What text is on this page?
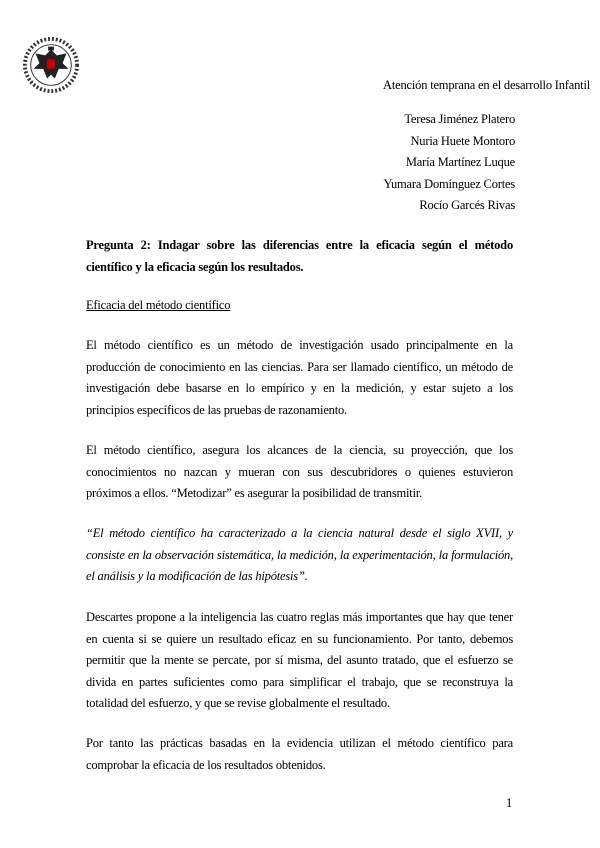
Atención temprana en el desarrollo Infantil
Teresa Jiménez Platero
Nuria Huete Montoro
María Martínez Luque
Yumara Domínguez Cortes
Rocío Garcés Rivas
Pregunta 2: Indagar sobre las diferencias entre la eficacia según el método científico y la eficacia según los resultados.
Eficacia del método científico
El método científico es un método de investigación usado principalmente en la producción de conocimiento en las ciencias. Para ser llamado científico, un método de investigación debe basarse en lo empírico y en la medición, y estar sujeto a los principios específicos de las pruebas de razonamiento.
El método científico, asegura los alcances de la ciencia, su proyección, que los conocimientos no nazcan y mueran con sus descubridores o quienes estuvieron próximos a ellos. “Metodizar” es asegurar la posibilidad de transmitir.
“El método científico ha caracterizado a la ciencia natural desde el siglo XVII, y consiste en la observación sistemática, la medición, la experimentación, la formulación, el análisis y la modificación de las hipótesis”.
Descartes propone a la inteligencia las cuatro reglas más importantes que hay que tener en cuenta si se quiere un resultado eficaz en su funcionamiento. Por tanto, debemos permitir que la mente se percate, por sí misma, del asunto tratado, que el esfuerzo se divida en partes suficientes como para simplificar el trabajo, que se reconstruya la totalidad del esfuerzo, y que se revise globalmente el resultado.
Por tanto las prácticas basadas en la evidencia utilizan el método científico para comprobar la eficacia de los resultados obtenidos.
1
